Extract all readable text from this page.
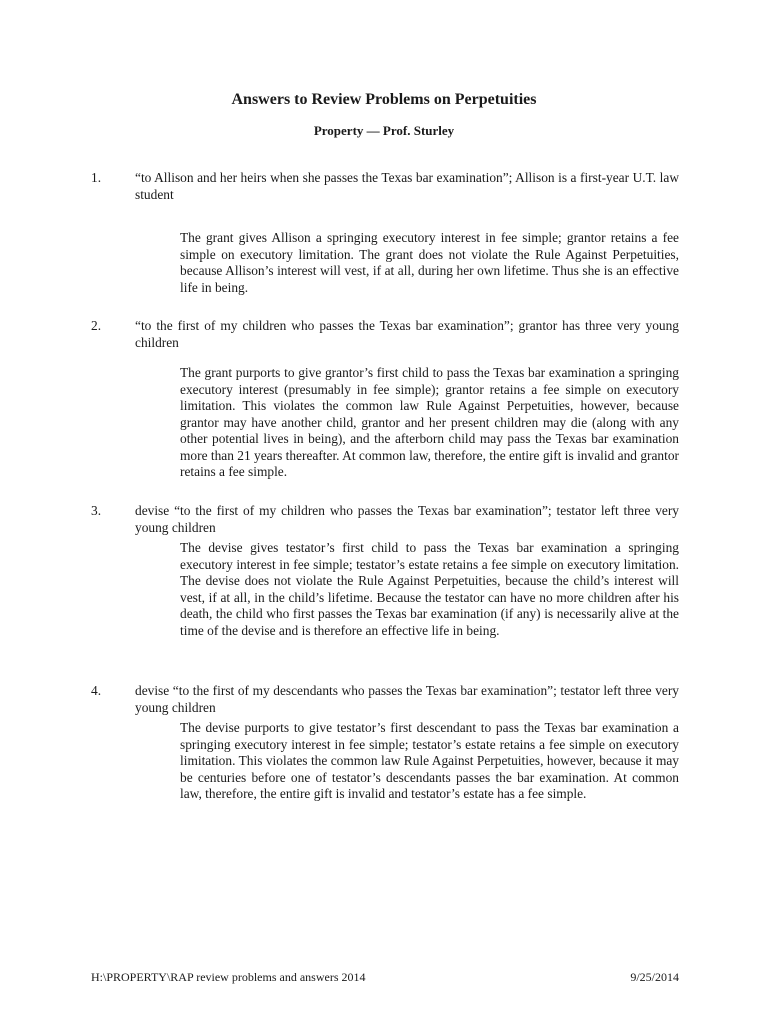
Answers to Review Problems on Perpetuities
Property — Prof. Sturley
1.	“to Allison and her heirs when she passes the Texas bar examination”; Allison is a first-year U.T. law student
The grant gives Allison a springing executory interest in fee simple; grantor retains a fee simple on executory limitation. The grant does not violate the Rule Against Perpetuities, because Allison’s interest will vest, if at all, during her own lifetime. Thus she is an effective life in being.
2.	“to the first of my children who passes the Texas bar examination”; grantor has three very young children
The grant purports to give grantor’s first child to pass the Texas bar examination a springing executory interest (presumably in fee simple); grantor retains a fee simple on executory limitation. This violates the common law Rule Against Perpetuities, however, because grantor may have another child, grantor and her present children may die (along with any other potential lives in being), and the afterborn child may pass the Texas bar examination more than 21 years thereafter. At common law, therefore, the entire gift is invalid and grantor retains a fee simple.
3.	devise “to the first of my children who passes the Texas bar examination”; testator left three very young children
The devise gives testator’s first child to pass the Texas bar examination a springing executory interest in fee simple; testator’s estate retains a fee simple on executory limitation. The devise does not violate the Rule Against Perpetuities, because the child’s interest will vest, if at all, in the child’s lifetime. Because the testator can have no more children after his death, the child who first passes the Texas bar examination (if any) is necessarily alive at the time of the devise and is therefore an effective life in being.
4.	devise “to the first of my descendants who passes the Texas bar examination”; testator left three very young children
The devise purports to give testator’s first descendant to pass the Texas bar examination a springing executory interest in fee simple; testator’s estate retains a fee simple on executory limitation. This violates the common law Rule Against Perpetuities, however, because it may be centuries before one of testator’s descendants passes the bar examination. At common law, therefore, the entire gift is invalid and testator’s estate has a fee simple.
H:\PROPERTY\RAP review problems and answers 2014	9/25/2014
